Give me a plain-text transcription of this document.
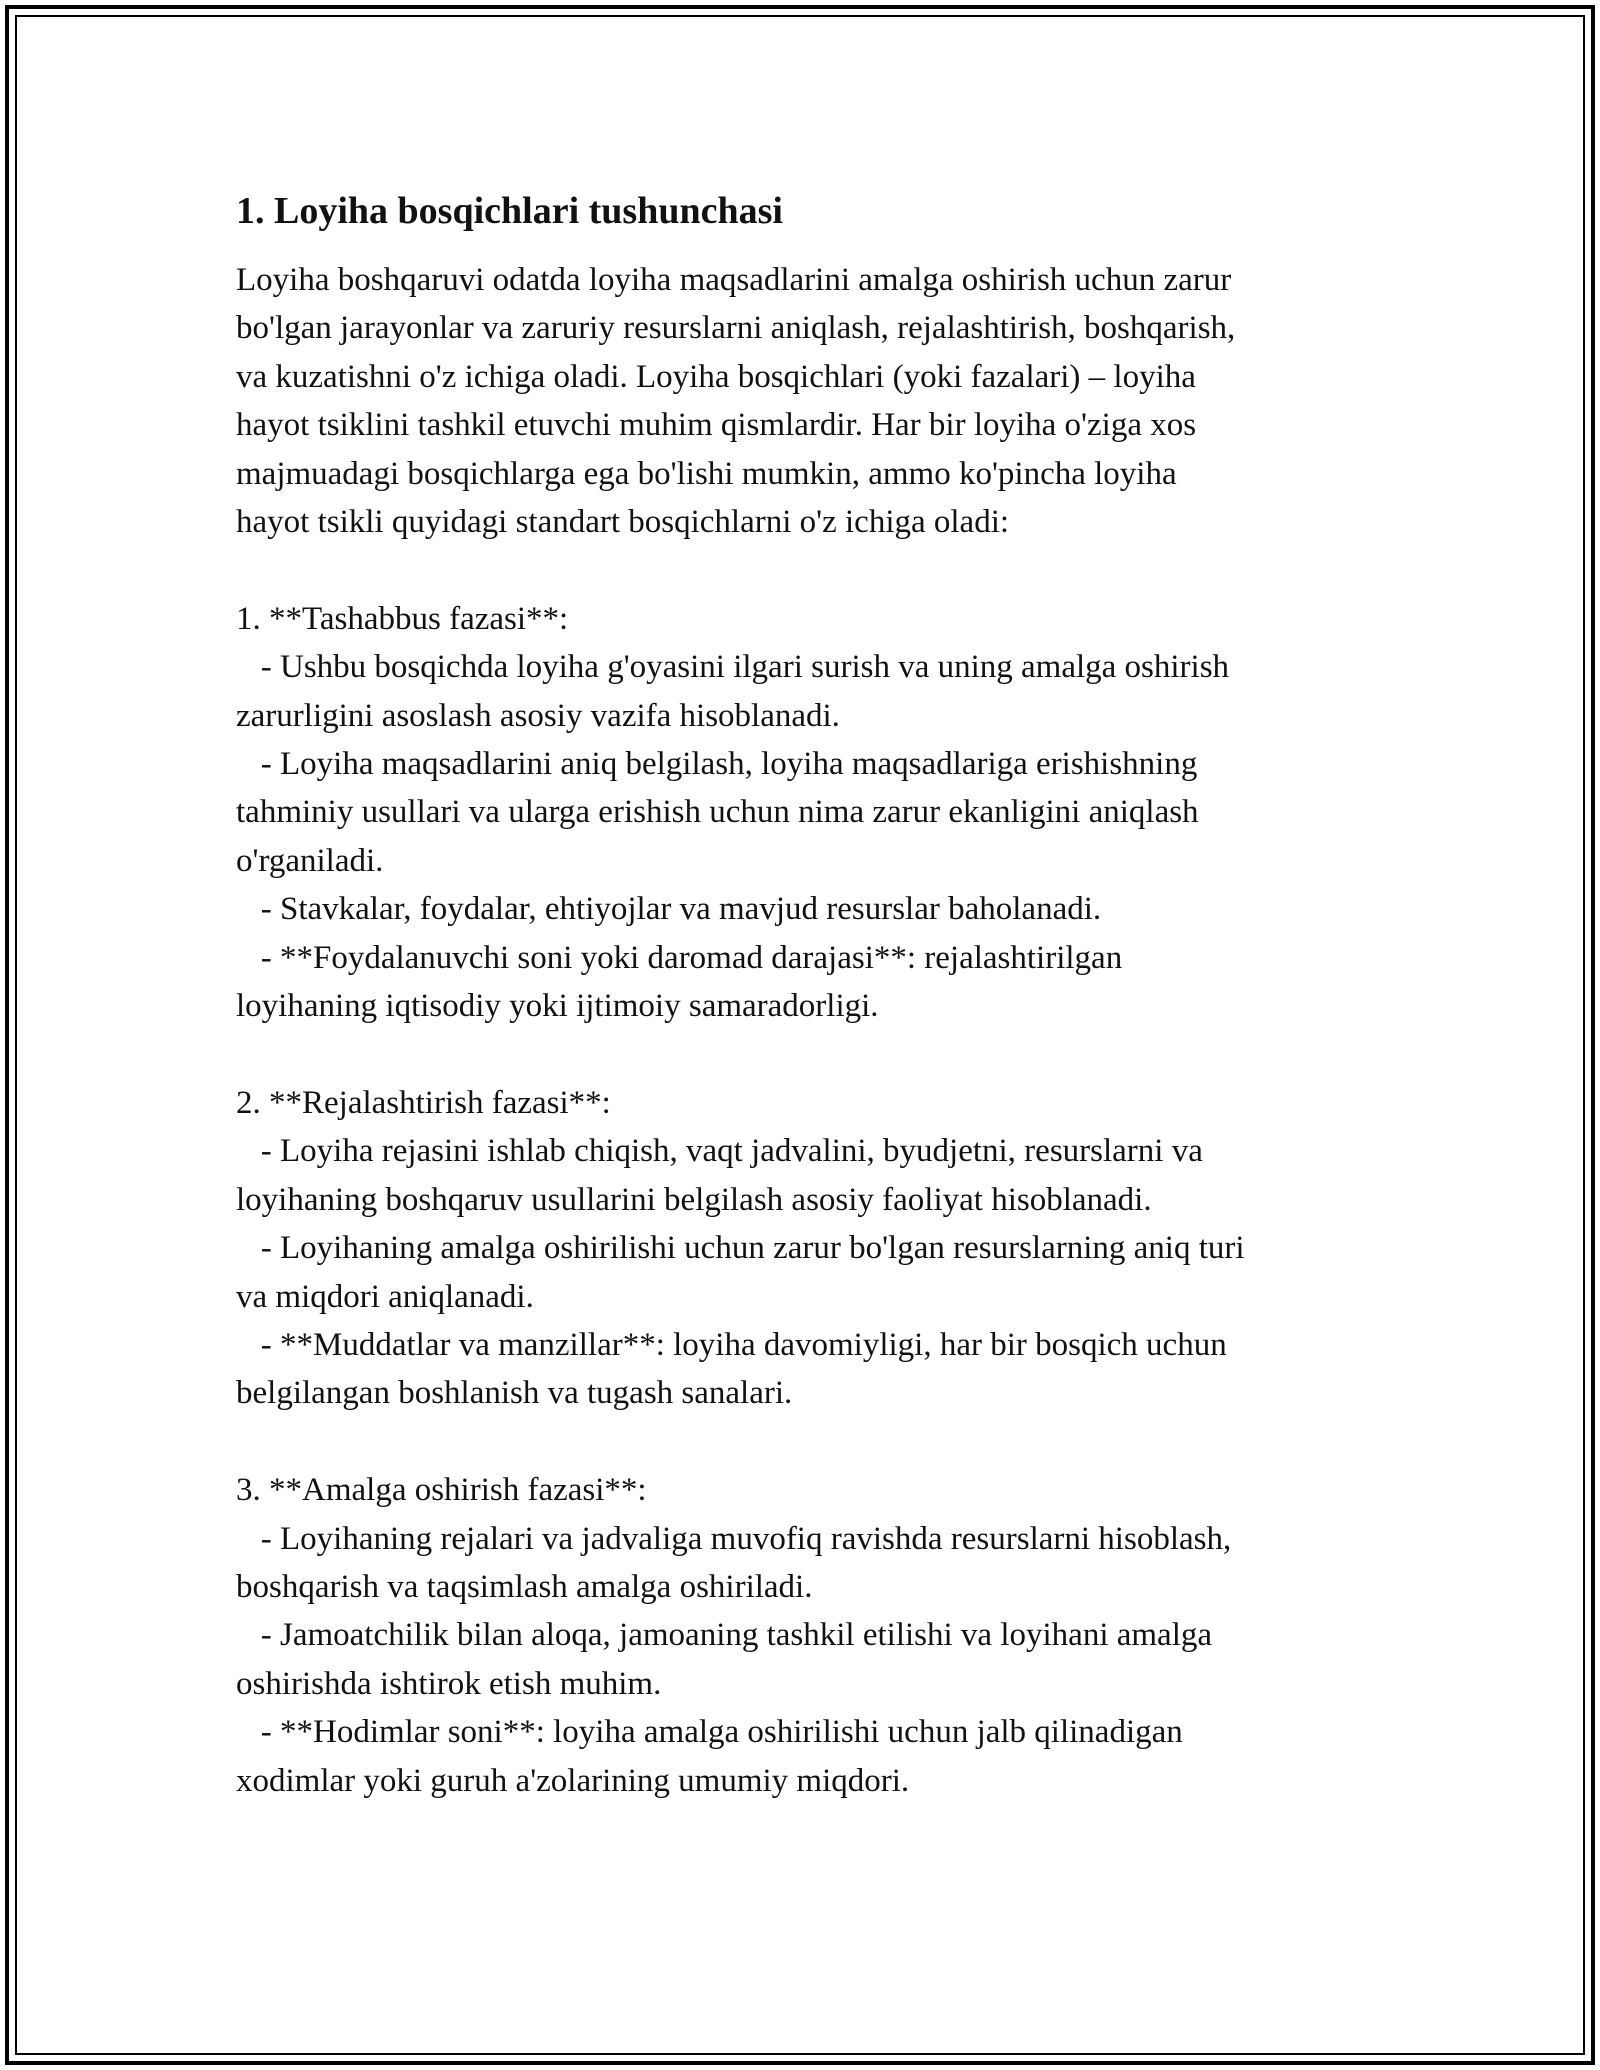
1. Loyiha bosqichlari tushunchasi

Loyiha boshqaruvi odatda loyiha maqsadlarini amalga oshirish uchun zarur
bo'lgan jarayonlar va zaruriy resurslarni aniqlash, rejalashtirish, boshqarish,
va kuzatishni o'z ichiga oladi. Loyiha bosqichlari (yoki fazalari) – loyiha
hayot tsiklini tashkil etuvchi muhim qismlardir. Har bir loyiha o'ziga xos
majmuadagi bosqichlarga ega bo'lishi mumkin, ammo ko'pincha loyiha
hayot tsikli quyidagi standart bosqichlarni o'z ichiga oladi:

1. **Tashabbus fazasi**:

- Ushbu bosqichda loyiha g'oyasini ilgari surish va uning amalga oshirish
zarurligini asoslash asosiy vazifa hisoblanadi.

- Loyiha maqsadlarini aniq belgilash, loyiha maqsadlariga erishishning
tahminiy usullari va ularga erishish uchun nima zarur ekanligini aniqlash
o'rganiladi.

- Stavkalar, foydalar, ehtiyojlar va mavjud resurslar baholanadi.

- **Foydalanuvchi soni yoki daromad darajasi**: rejalashtirilgan
loyihaning iqtisodiy yoki ijtimoiy samaradorligi.

2. **Rejalashtirish fazasi**:

- Loyiha rejasini ishlab chiqish, vaqt jadvalini, byudjetni, resurslarni va
loyihaning boshqaruv usullarini belgilash asosiy faoliyat hisoblanadi.

- Loyihaning amalga oshirilishi uchun zarur bo'lgan resurslarning aniq turi
va miqdori aniqlanadi.

- **Muddatlar va manzillar**: loyiha davomiyligi, har bir bosqich uchun
belgilangan boshlanish va tugash sanalari.

3. **Amalga oshirish fazasi**:

- Loyihaning rejalari va jadvaliga muvofiq ravishda resurslarni hisoblash,
boshqarish va taqsimlash amalga oshiriladi.

- Jamoatchilik bilan aloqa, jamoaning tashkil etilishi va loyihani amalga
oshirishda ishtirok etish muhim.

- **Hodimlar soni**: loyiha amalga oshirilishi uchun jalb qilinadigan
xodimlar yoki guruh a'zolarining umumiy miqdori.
